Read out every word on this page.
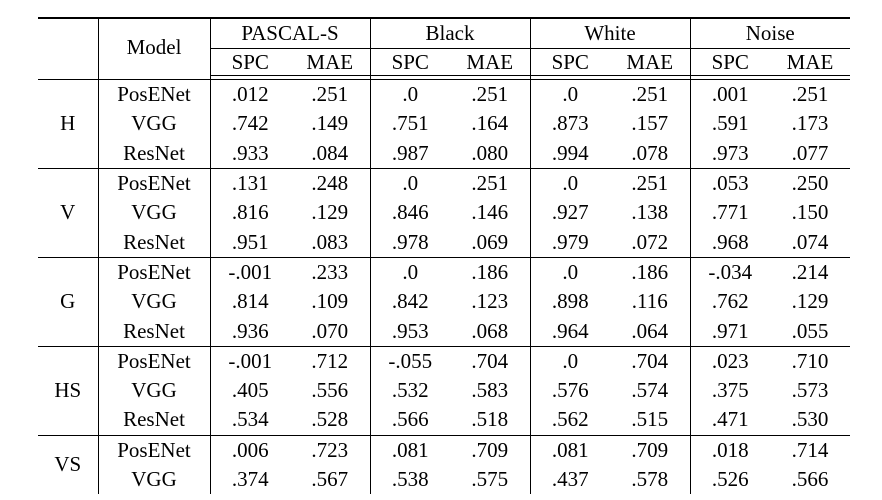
	Model	PASCAL-S		Black		White		Noise	
		SPC	MAE	SPC	MAE	SPC	MAE	SPC	MAE

H	PosENet	.012	.251	.0	.251	.0	.251	.001	.251
	VGG	.742	.149	.751	.164	.873	.157	.591	.173
	ResNet	.933	.084	.987	.080	.994	.078	.973	.077
V	PosENet	.131	.248	.0	.251	.0	.251	.053	.250
	VGG	.816	.129	.846	.146	.927	.138	.771	.150
	ResNet	.951	.083	.978	.069	.979	.072	.968	.074
G	PosENet	-.001	.233	.0	.186	.0	.186	-.034	.214
	VGG	.814	.109	.842	.123	.898	.116	.762	.129
	ResNet	.936	.070	.953	.068	.964	.064	.971	.055
HS	PosENet	-.001	.712	-.055	.704	.0	.704	.023	.710
	VGG	.405	.556	.532	.583	.576	.574	.375	.573
	ResNet	.534	.528	.566	.518	.562	.515	.471	.530
VS	PosENet	.006	.723	.081	.709	.081	.709	.018	.714
	VGG	.374	.567	.538	.575	.437	.578	.526	.566
